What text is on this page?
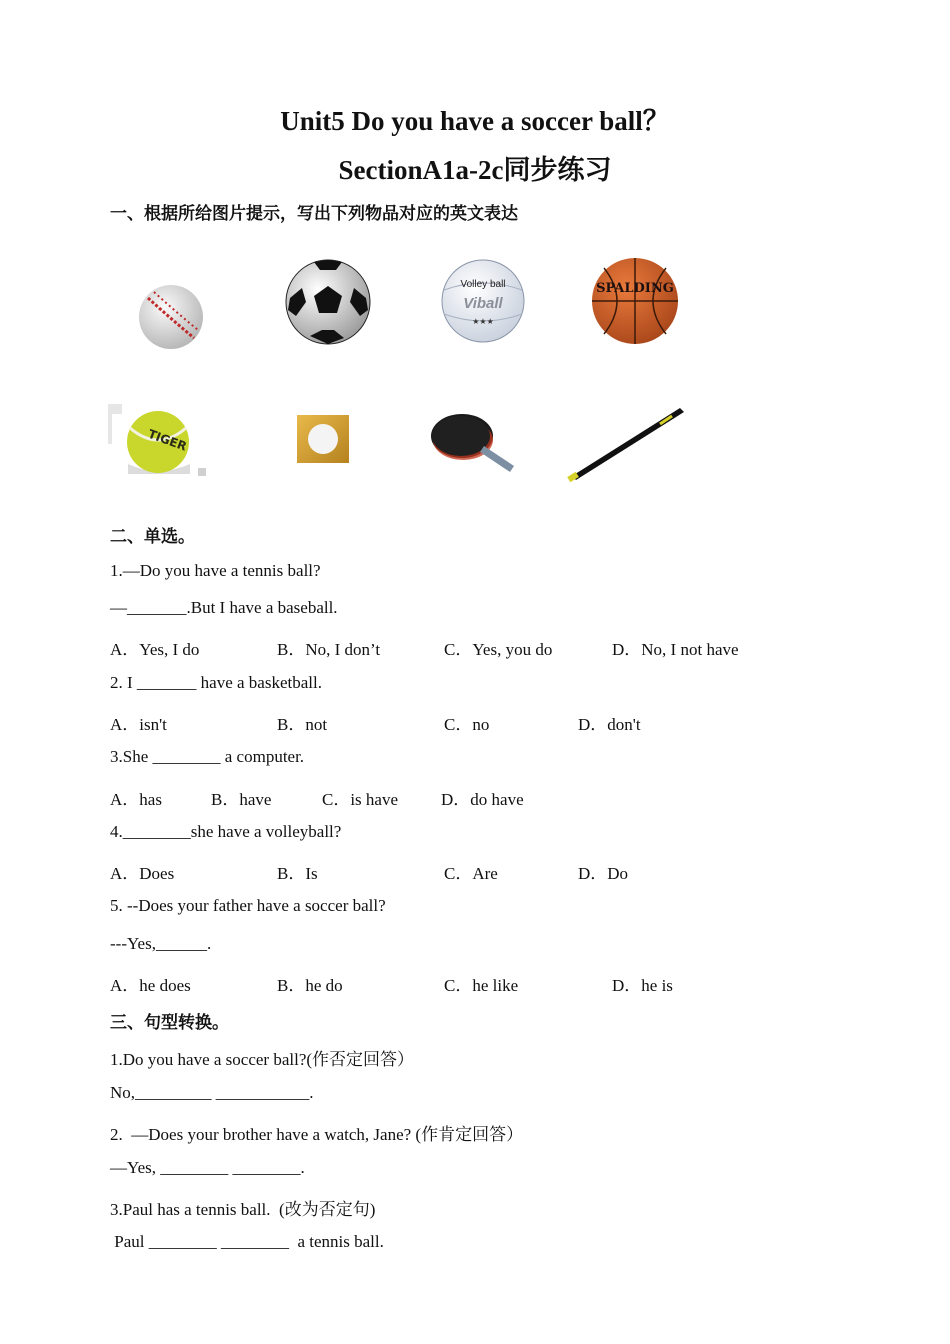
Unit5 Do you have a soccer ball？
SectionA1a-2c同步练习
一、根据所给图片提示，写出下列物品对应的英文表达
Volley ball
Viball
★★★
SPALDING
TIGER
二、单选。
1.—Do you have a tennis ball?
—_______.But I have a baseball.
A．Yes, I do	B．No, I don’t	C．Yes, you do	D．No, I not have
2. I _______ have a basketball.
A．isn't	B．not	C．no	D．don't
3.She ________ a computer.
A．has	B．have	C．is have	D．do have
4.________she have a volleyball?
A．Does	B．Is	C．Are	D．Do
5. --Does your father have a soccer ball?
---Yes,______.
A．he does	B．he do	C．he like	D．he is
三、句型转换。
1.Do you have a soccer ball?(作否定回答）
No,_________ ___________.
2.  —Does your brother have a watch, Jane? (作肯定回答）
—Yes, ________ ________.
3.Paul has a tennis ball.  (改为否定句)
Paul ________ ________  a tennis ball.
